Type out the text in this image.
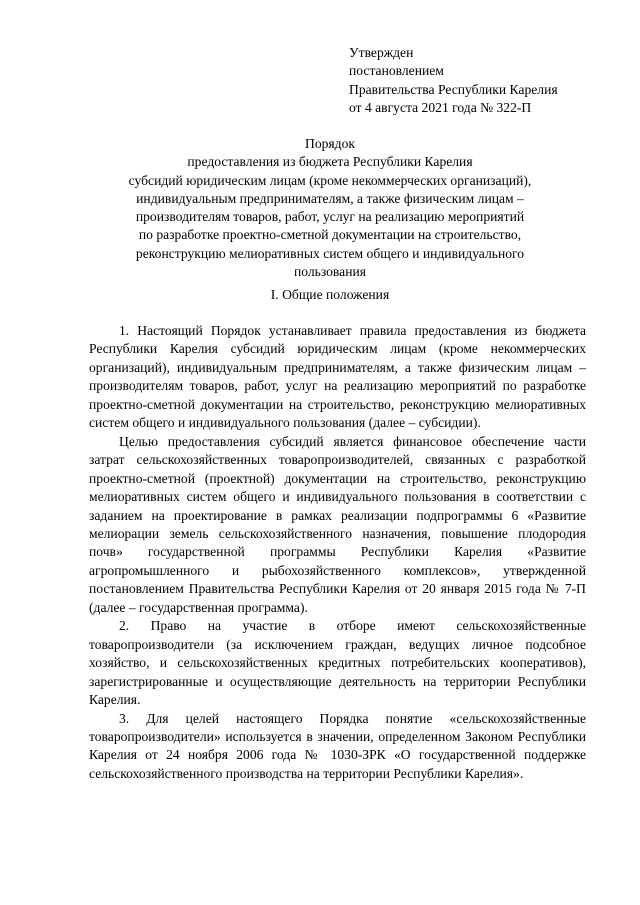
Утвержден
постановлением
Правительства Республики Карелия
от 4 августа 2021 года № 322-П
Порядок
предоставления из бюджета Республики Карелия
субсидий юридическим лицам (кроме некоммерческих организаций),
индивидуальным предпринимателям, а также физическим лицам –
производителям товаров, работ, услуг на реализацию мероприятий
по разработке проектно-сметной документации на строительство,
реконструкцию мелиоративных систем общего и индивидуального
пользования
I. Общие положения

1. Настоящий Порядок устанавливает правила предоставления из бюджета Республики Карелия субсидий юридическим лицам (кроме некоммерческих организаций), индивидуальным предпринимателям, а также физическим лицам – производителям товаров, работ, услуг на реализацию мероприятий по разработке проектно-сметной документации на строительство, реконструкцию мелиоративных систем общего и индивидуального пользования (далее – субсидии).

Целью предоставления субсидий является финансовое обеспечение части затрат сельскохозяйственных товаропроизводителей, связанных с разработкой проектно-сметной (проектной) документации на строительство, реконструкцию мелиоративных систем общего и индивидуального пользования в соответствии с заданием на проектирование в рамках реализации подпрограммы 6 «Развитие мелиорации земель сельскохозяйственного назначения, повышение плодородия почв» государственной программы Республики Карелия «Развитие агропромышленного и рыбохозяйственного комплексов», утвержденной постановлением Правительства Республики Карелия от 20 января 2015 года № 7-П (далее – государственная программа).

2. Право на участие в отборе имеют сельскохозяйственные товаропроизводители (за исключением граждан, ведущих личное подсобное хозяйство, и сельскохозяйственных кредитных потребительских кооперативов), зарегистрированные и осуществляющие деятельность на территории Республики Карелия.

3. Для целей настоящего Порядка понятие «сельскохозяйственные товаропроизводители» используется в значении, определенном Законом Республики Карелия от 24 ноября 2006 года № 1030-ЗРК «О государственной поддержке сельскохозяйственного производства на территории Республики Карелия».
